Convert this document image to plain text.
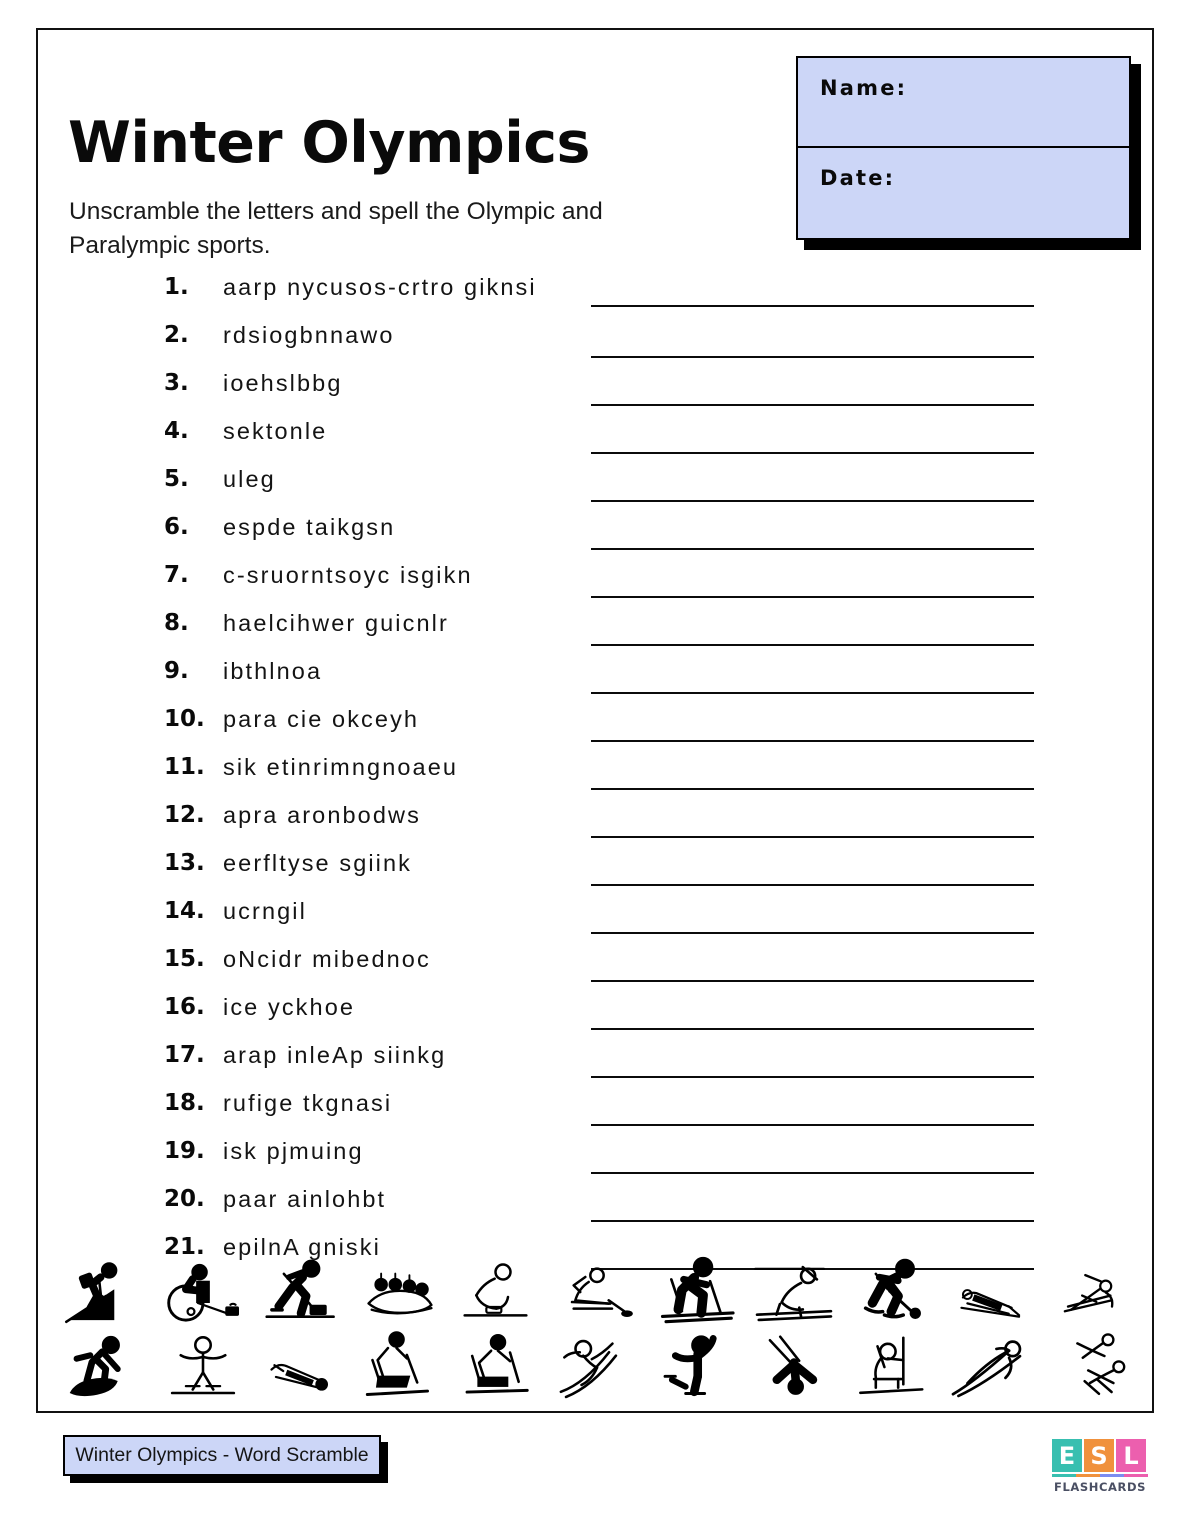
Winter Olympics

Unscramble the letters and spell the Olympic and Paralympic sports.

Name:
Date:
1.	aarp nycusos-crtro giknsi
2.	rdsiogbnnawo
3.	ioehslbbg
4.	sektonle
5.	uleg
6.	espde taikgsn
7.	c-sruorntsoyc isgikn
8.	haelcihwer guicnlr
9.	ibthlnoa
10. para cie okceyh
11. sik etinrimngnoaeu
12. apra aronbodws
13. eerfltyse sgiink
14. ucrngil
15. oNcidr mibednoc
16. ice yckhoe
17. arap inleAp siinkg
18. rufige tkgnasi
19. isk pjmuing
20. paar ainlohbt
21. epilnA gniski
Winter Olympics - Word Scramble	E S L
FLASHCARDS
